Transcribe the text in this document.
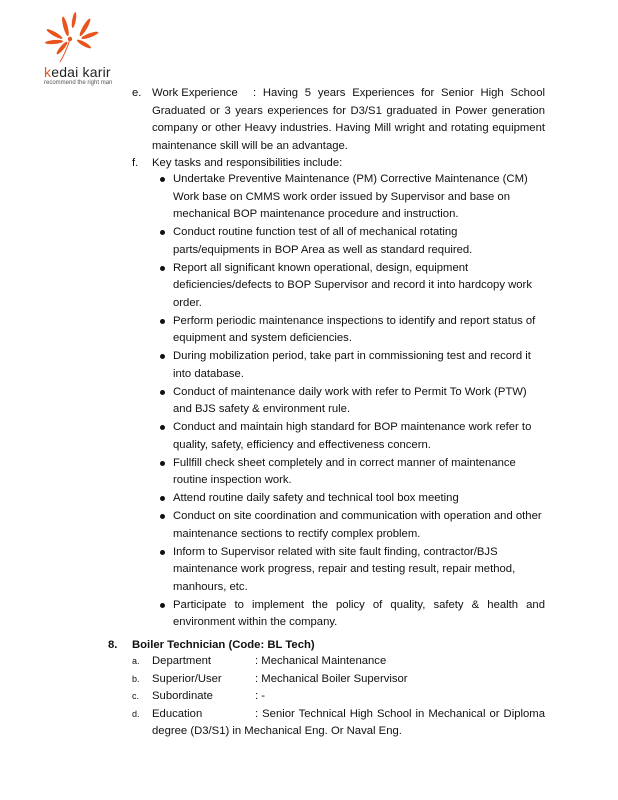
kedai karir
recommend the right man
e. Work Experience : Having 5 years Experiences for Senior High School Graduated or 3 years experiences for D3/S1 graduated in Power generation company or other Heavy industries. Having Mill wright and rotating equipment maintenance skill will be an advantage.
f. Key tasks and responsibilities include:
Undertake Preventive Maintenance (PM) Corrective Maintenance (CM) Work base on CMMS work order issued by Supervisor and base on mechanical BOP maintenance procedure and instruction.
Conduct routine function test of all of mechanical rotating parts/equipments in BOP Area as well as standard required.
Report all significant known operational, design, equipment deficiencies/defects to BOP Supervisor and record it into hardcopy work order.
Perform periodic maintenance inspections to identify and report status of equipment and system deficiencies.
During mobilization period, take part in commissioning test and record it into database.
Conduct of maintenance daily work with refer to Permit To Work (PTW) and BJS safety & environment rule.
Conduct and maintain high standard for BOP maintenance work refer to quality, safety, efficiency and effectiveness concern.
Fullfill check sheet completely and in correct manner of maintenance routine inspection work.
Attend routine daily safety and technical tool box meeting
Conduct on site coordination and communication with operation and other maintenance sections to rectify complex problem.
Inform to Supervisor related with site fault finding, contractor/BJS maintenance work progress, repair and testing result, repair method, manhours, etc.
Participate to implement the policy of quality, safety & health and environment within the company.
8. Boiler Technician (Code: BL Tech)
a. Department	: Mechanical Maintenance
b. Superior/User	: Mechanical Boiler Supervisor
c. Subordinate	: -
d. Education	: Senior Technical High School in Mechanical or Diploma degree (D3/S1) in Mechanical Eng. Or Naval Eng.
